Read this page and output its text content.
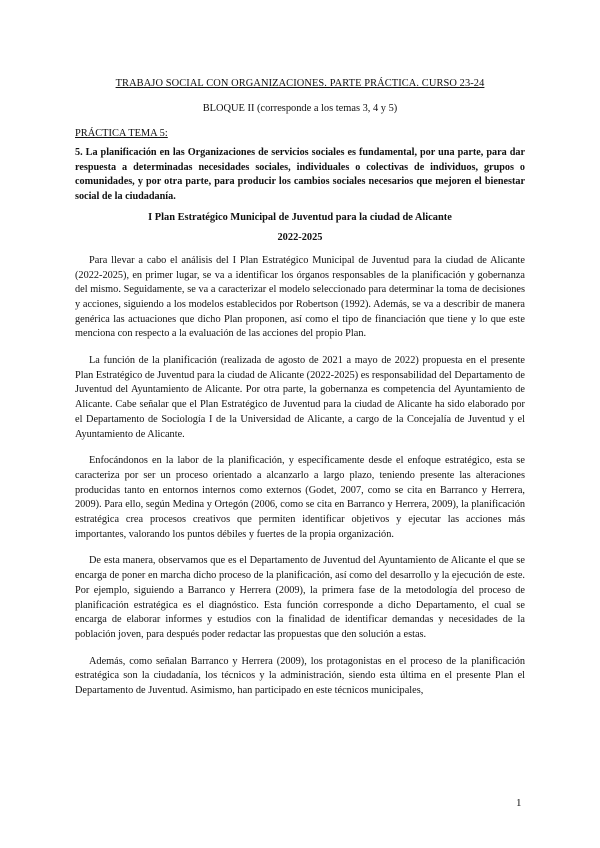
TRABAJO SOCIAL CON ORGANIZACIONES. PARTE PRÁCTICA. CURSO 23-24

BLOQUE II (corresponde a los temas 3, 4 y 5)

PRÁCTICA TEMA 5:

5. La planificación en las Organizaciones de servicios sociales es fundamental, por una parte, para dar respuesta a determinadas necesidades sociales, individuales o colectivas de individuos, grupos o comunidades, y por otra parte, para producir los cambios sociales necesarios que mejoren el bienestar social de la ciudadanía.

I Plan Estratégico Municipal de Juventud para la ciudad de Alicante

2022-2025

Para llevar a cabo el análisis del I Plan Estratégico Municipal de Juventud para la ciudad de Alicante (2022-2025), en primer lugar, se va a identificar los órganos responsables de la planificación y gobernanza del mismo. Seguidamente, se va a caracterizar el modelo seleccionado para determinar la toma de decisiones y acciones, siguiendo a los modelos establecidos por Robertson (1992). Además, se va a describir de manera genérica las actuaciones que dicho Plan proponen, así como el tipo de financiación que tiene y lo que este menciona con respecto a la evaluación de las acciones del propio Plan.

La función de la planificación (realizada de agosto de 2021 a mayo de 2022) propuesta en el presente Plan Estratégico de Juventud para la ciudad de Alicante (2022-2025) es responsabilidad del Departamento de Juventud del Ayuntamiento de Alicante. Por otra parte, la gobernanza es competencia del Ayuntamiento de Alicante. Cabe señalar que el Plan Estratégico de Juventud para la ciudad de Alicante ha sido elaborado por el Departamento de Sociología I de la Universidad de Alicante, a cargo de la Concejalía de Juventud y el Ayuntamiento de Alicante.

Enfocándonos en la labor de la planificación, y específicamente desde el enfoque estratégico, esta se caracteriza por ser un proceso orientado a alcanzarlo a largo plazo, teniendo presente las alteraciones producidas tanto en entornos internos como externos (Godet, 2007, como se cita en Barranco y Herrera, 2009). Para ello, según Medina y Ortegón (2006, como se cita en Barranco y Herrera, 2009), la planificación estratégica crea procesos creativos que permiten identificar objetivos y ejecutar las acciones más importantes, valorando los puntos débiles y fuertes de la propia organización.

De esta manera, observamos que es el Departamento de Juventud del Ayuntamiento de Alicante el que se encarga de poner en marcha dicho proceso de la planificación, así como del desarrollo y la ejecución de este. Por ejemplo, siguiendo a Barranco y Herrera (2009), la primera fase de la metodología del proceso de planificación estratégica es el diagnóstico. Esta función corresponde a dicho Departamento, el cual se encarga de elaborar informes y estudios con la finalidad de identificar demandas y necesidades de la población joven, para después poder redactar las propuestas que den solución a estas.

Además, como señalan Barranco y Herrera (2009), los protagonistas en el proceso de la planificación estratégica son la ciudadanía, los técnicos y la administración, siendo esta última en el presente Plan el Departamento de Juventud. Asimismo, han participado en este técnicos municipales,

1
